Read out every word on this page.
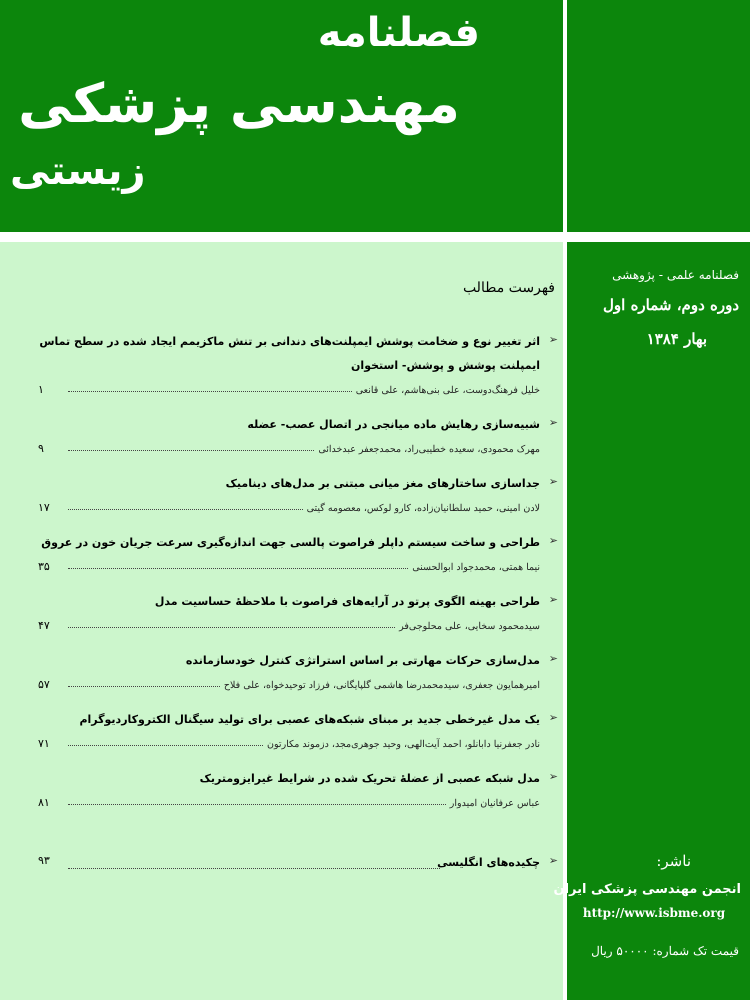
فصلنامه
مهندسی پزشکی
زیستی
فهرست مطالب
➢
اثر تغییر نوع و ضخامت پوشش ایمپلنت‌های دندانی بر تنش ماکزیمم ایجاد شده در سطح تماس ایمپلنت پوشش و پوشش- استخوان
۱	خلیل فرهنگ‌دوست، علی بنی‌هاشم، علی قانعی
➢
شبیه‌سازی رهایش ماده میانجی در اتصال عصب- عضله
۹	مهرک محمودی، سعیده خطیبی‌راد، محمدجعفر عبدخدائی
➢
جداسازی ساختارهای مغز میانی مبتنی بر مدل‌های دینامیک
۱۷	لادن امینی، حمید سلطانیان‌زاده، کارو لوکس، معصومه گیتی
➢
طراحی و ساخت سیستم داپلر فراصوت پالسی جهت اندازه‌گیری سرعت جریان خون در عروق
۳۵	نیما همتی، محمدجواد ابوالحسنی
➢
طراحی بهینه الگوی پرتو در آرایه‌های فراصوت با ملاحظهٔ حساسیت مدل
۴۷	سیدمحمود سخایی، علی محلوجی‌فر
➢
مدل‌سازی حرکات مهارتی بر اساس استراتژی کنترل خودسازمانده
۵۷	امیرهمایون جعفری، سیدمحمدرضا هاشمی گلپایگانی، فرزاد توحیدخواه، علی فلاح
➢
یک مدل غیرخطی جدید بر مبنای شبکه‌های عصبی برای تولید سیگنال الکتروکاردیوگرام
۷۱	نادر جعفرنیا دابانلو، احمد آیت‌الهی، وحید جوهری‌مجد، دزموند مکارتون
➢
مدل شبکه عصبی از عضلهٔ تحریک شده در شرایط غیرایزومتریک
۸۱	عباس عرفانیان امیدوار
➢
چکیده‌های انگلیسی
۹۳
فصلنامه علمی - پژوهشی
دوره دوم، شماره اول
بهار ۱۳۸۴
ناشر:
انجمن مهندسی پزشکی ایران
http://www.isbme.org
قیمت تک شماره: ۵۰۰۰۰ ریال
